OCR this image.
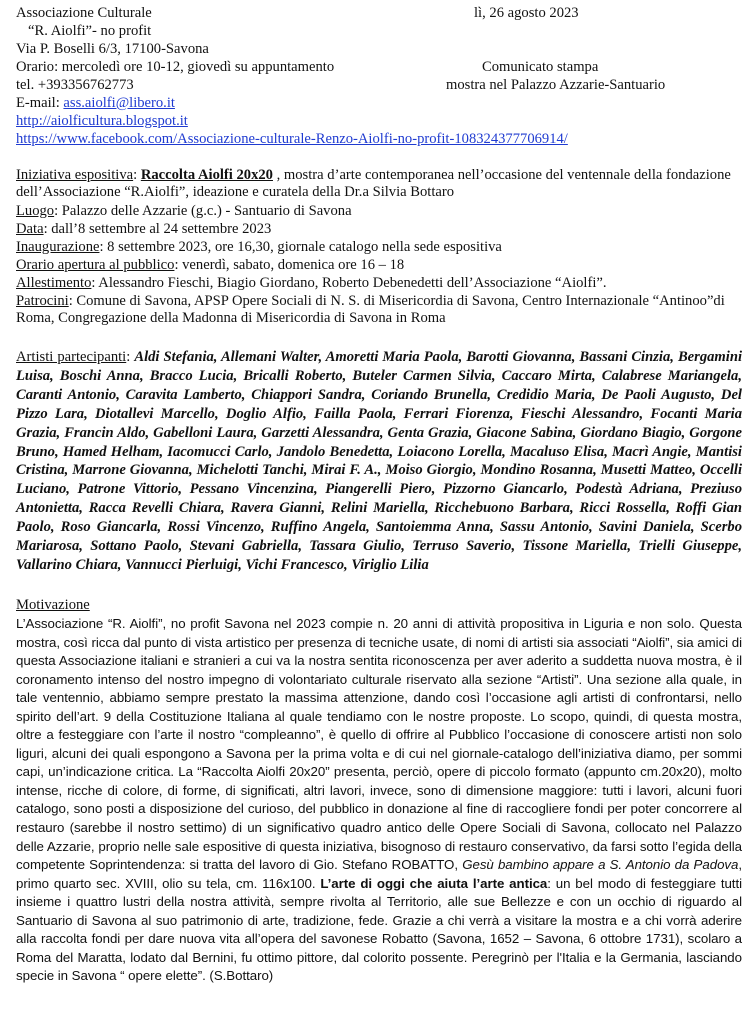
Associazione Culturale
“R. Aiolfi”- no profit
Via P. Boselli 6/3, 17100-Savona
Orario: mercoledì ore 10-12, giovedì su appuntamento
tel. +393356762773
E-mail: ass.aiolfi@libero.it
http://aiolficultura.blogspot.it
https://www.facebook.com/Associazione-culturale-Renzo-Aiolfi-no-profit-108324377706914/
lì, 26 agosto 2023
Comunicato stampa
mostra nel Palazzo Azzarie-Santuario
Iniziativa espositiva: Raccolta Aiolfi 20x20 , mostra d’arte contemporanea nell’occasione del ventennale della fondazione dell’Associazione “R.Aiolfi”, ideazione e curatela della Dr.a Silvia Bottaro
Luogo: Palazzo delle Azzarie (g.c.) - Santuario di Savona
Data: dall’8 settembre al 24 settembre 2023
Inaugurazione: 8 settembre 2023, ore 16,30, giornale catalogo nella sede espositiva
Orario apertura al pubblico: venerdì, sabato, domenica ore 16 – 18
Allestimento: Alessandro Fieschi, Biagio Giordano, Roberto Debenedetti dell’Associazione “Aiolfi”.
Patrocini: Comune di Savona, APSP Opere Sociali di N. S. di Misericordia di Savona, Centro Internazionale “Antinoo”di Roma, Congregazione della Madonna di Misericordia di Savona in Roma
Artisti partecipanti: Aldi Stefania, Allemani Walter, Amoretti Maria Paola, Barotti Giovanna, Bassani Cinzia, Bergamini Luisa, Boschi Anna, Bracco Lucia, Bricalli Roberto, Buteler Carmen Silvia, Caccaro Mirta, Calabrese Mariangela, Caranti Antonio, Caravita Lamberto, Chiappori Sandra, Coriando Brunella, Credidio Maria, De Paoli Augusto, Del Pizzo Lara, Diotallevi Marcello, Doglio Alfio, Failla Paola, Ferrari Fiorenza, Fieschi Alessandro, Focanti Maria Grazia, Francin Aldo, Gabelloni Laura, Garzetti Alessandra, Genta Grazia, Giacone Sabina, Giordano Biagio, Gorgone Bruno, Hamed Helham, Iacomucci Carlo, Jandolo Benedetta, Loiacono Lorella, Macaluso Elisa, Macrì Angie, Mantisi Cristina, Marrone Giovanna, Michelotti Tanchi, Mirai F. A., Moiso Giorgio, Mondino Rosanna, Musetti Matteo, Occelli Luciano, Patrone Vittorio, Pessano Vincenzina, Piangerelli Piero, Pizzorno Giancarlo, Podestà Adriana, Preziuso Antonietta, Racca Revelli Chiara, Ravera Gianni, Relini Mariella, Ricchebuono Barbara, Ricci Rossella, Roffi Gian Paolo, Roso Giancarla, Rossi Vincenzo, Ruffino Angela, Santoiemma Anna, Sassu Antonio, Savini Daniela, Scerbo Mariarosa, Sottano Paolo, Stevani Gabriella, Tassara Giulio, Terruso Saverio, Tissone Mariella, Trielli Giuseppe, Vallarino Chiara, Vannucci Pierluigi, Vichi Francesco, Viriglio Lilia
Motivazione
L’Associazione “R. Aiolfi”, no profit Savona nel 2023 compie n. 20 anni di attività propositiva in Liguria e non solo. Questa mostra, così ricca dal punto di vista artistico per presenza di tecniche usate, di nomi di artisti sia associati “Aiolfi”, sia amici di questa Associazione italiani e stranieri a cui va la nostra sentita riconoscenza per aver aderito a suddetta nuova mostra, è il coronamento intenso del nostro impegno di volontariato culturale riservato alla sezione “Artisti”. Una sezione alla quale, in tale ventennio, abbiamo sempre prestato la massima attenzione, dando così l’occasione agli artisti di confrontarsi, nello spirito dell’art. 9 della Costituzione Italiana al quale tendiamo con le nostre proposte. Lo scopo, quindi, di questa mostra, oltre a festeggiare con l’arte il nostro “compleanno”, è quello di offrire al Pubblico l’occasione di conoscere artisti non solo liguri, alcuni dei quali espongono a Savona per la prima volta e di cui nel giornale-catalogo dell’iniziativa diamo, per sommi capi, un’indicazione critica. La “Raccolta Aiolfi 20x20” presenta, perciò, opere di piccolo formato (appunto cm.20x20), molto intense, ricche di colore, di forme, di significati, altri lavori, invece, sono di dimensione maggiore: tutti i lavori, alcuni fuori catalogo, sono posti a disposizione del curioso, del pubblico in donazione al fine di raccogliere fondi per poter concorrere al restauro (sarebbe il nostro settimo) di un significativo quadro antico delle Opere Sociali di Savona, collocato nel Palazzo delle Azzarie, proprio nelle sale espositive di questa iniziativa, bisognoso di restauro conservativo, da farsi sotto l’egida della competente Soprintendenza: si tratta del lavoro di Gio. Stefano ROBATTO, Gesù bambino appare a S. Antonio da Padova, primo quarto sec. XVIII, olio su tela, cm. 116x100. L’arte di oggi che aiuta l’arte antica: un bel modo di festeggiare tutti insieme i quattro lustri della nostra attività, sempre rivolta al Territorio, alle sue Bellezze e con un occhio di riguardo al Santuario di Savona al suo patrimonio di arte, tradizione, fede. Grazie a chi verrà a visitare la mostra e a chi vorrà aderire alla raccolta fondi per dare nuova vita all’opera del savonese Robatto (Savona, 1652 – Savona, 6 ottobre 1731), scolaro a Roma del Maratta, lodato dal Bernini, fu ottimo pittore, dal colorito possente. Peregrinò per l'Italia e la Germania, lasciando specie in Savona “ opere elette”. (S.Bottaro)
